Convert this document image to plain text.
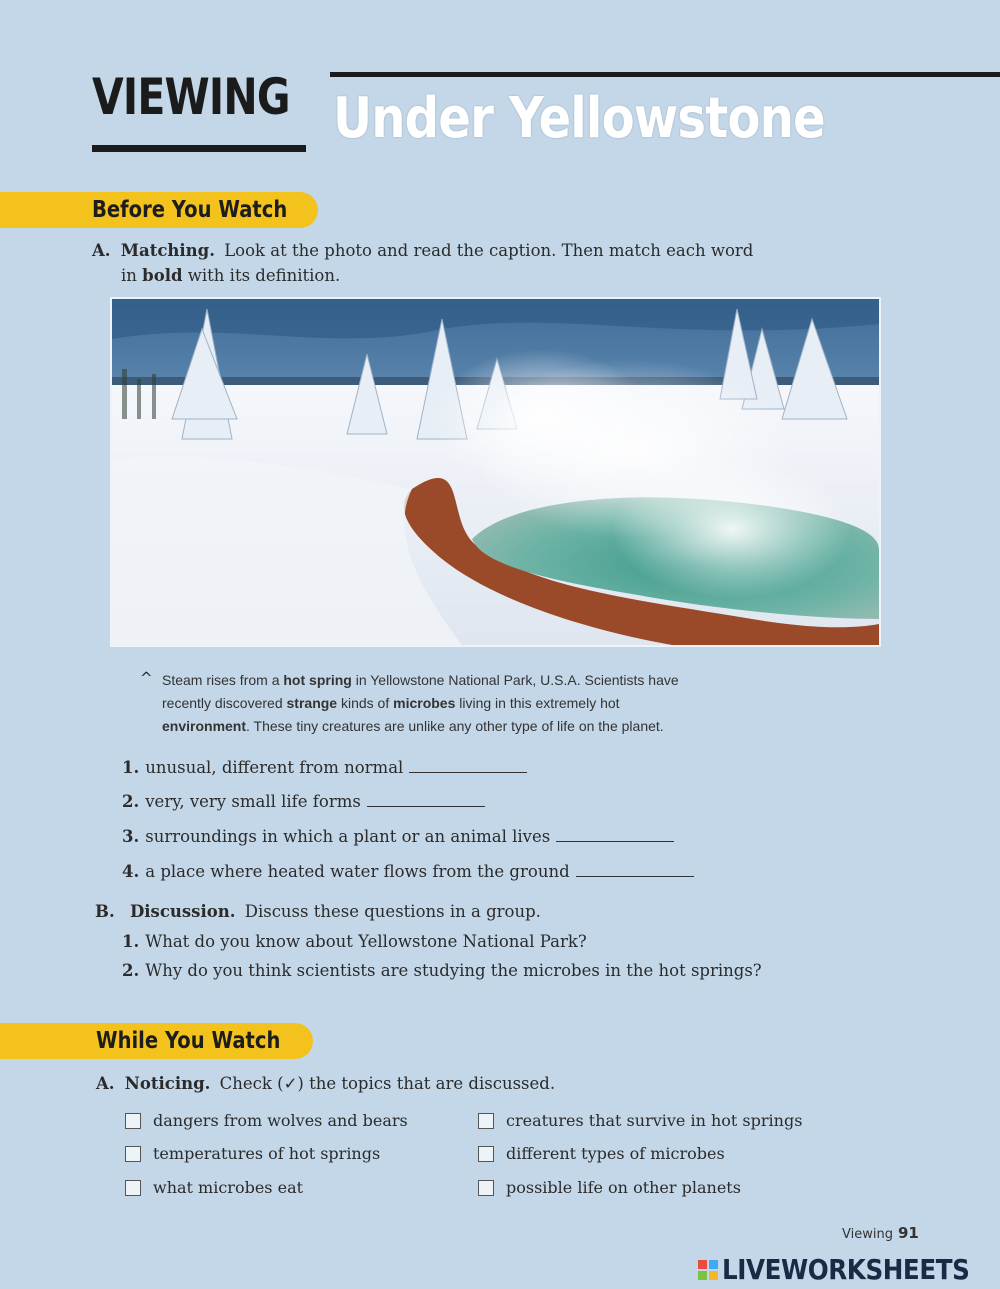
VIEWING Under Yellowstone
Before You Watch
A. Matching. Look at the photo and read the caption. Then match each word
in bold with its definition.
^ Steam rises from a hot spring in Yellowstone National Park, U.S.A. Scientists have
recently discovered strange kinds of microbes living in this extremely hot
environment. These tiny creatures are unlike any other type of life on the planet.
1. unusual, different from normal
2. very, very small life forms
3. surroundings in which a plant or an animal lives
4. a place where heated water flows from the ground
B. Discussion. Discuss these questions in a group.
1. What do you know about Yellowstone National Park?
2. Why do you think scientists are studying the microbes in the hot springs?
While You Watch
A. Noticing. Check (✓) the topics that are discussed.
dangers from wolves and bears
temperatures of hot springs
what microbes eat
creatures that survive in hot springs
different types of microbes
possible life on other planets
Viewing 91
LIVEWORKSHEETS
